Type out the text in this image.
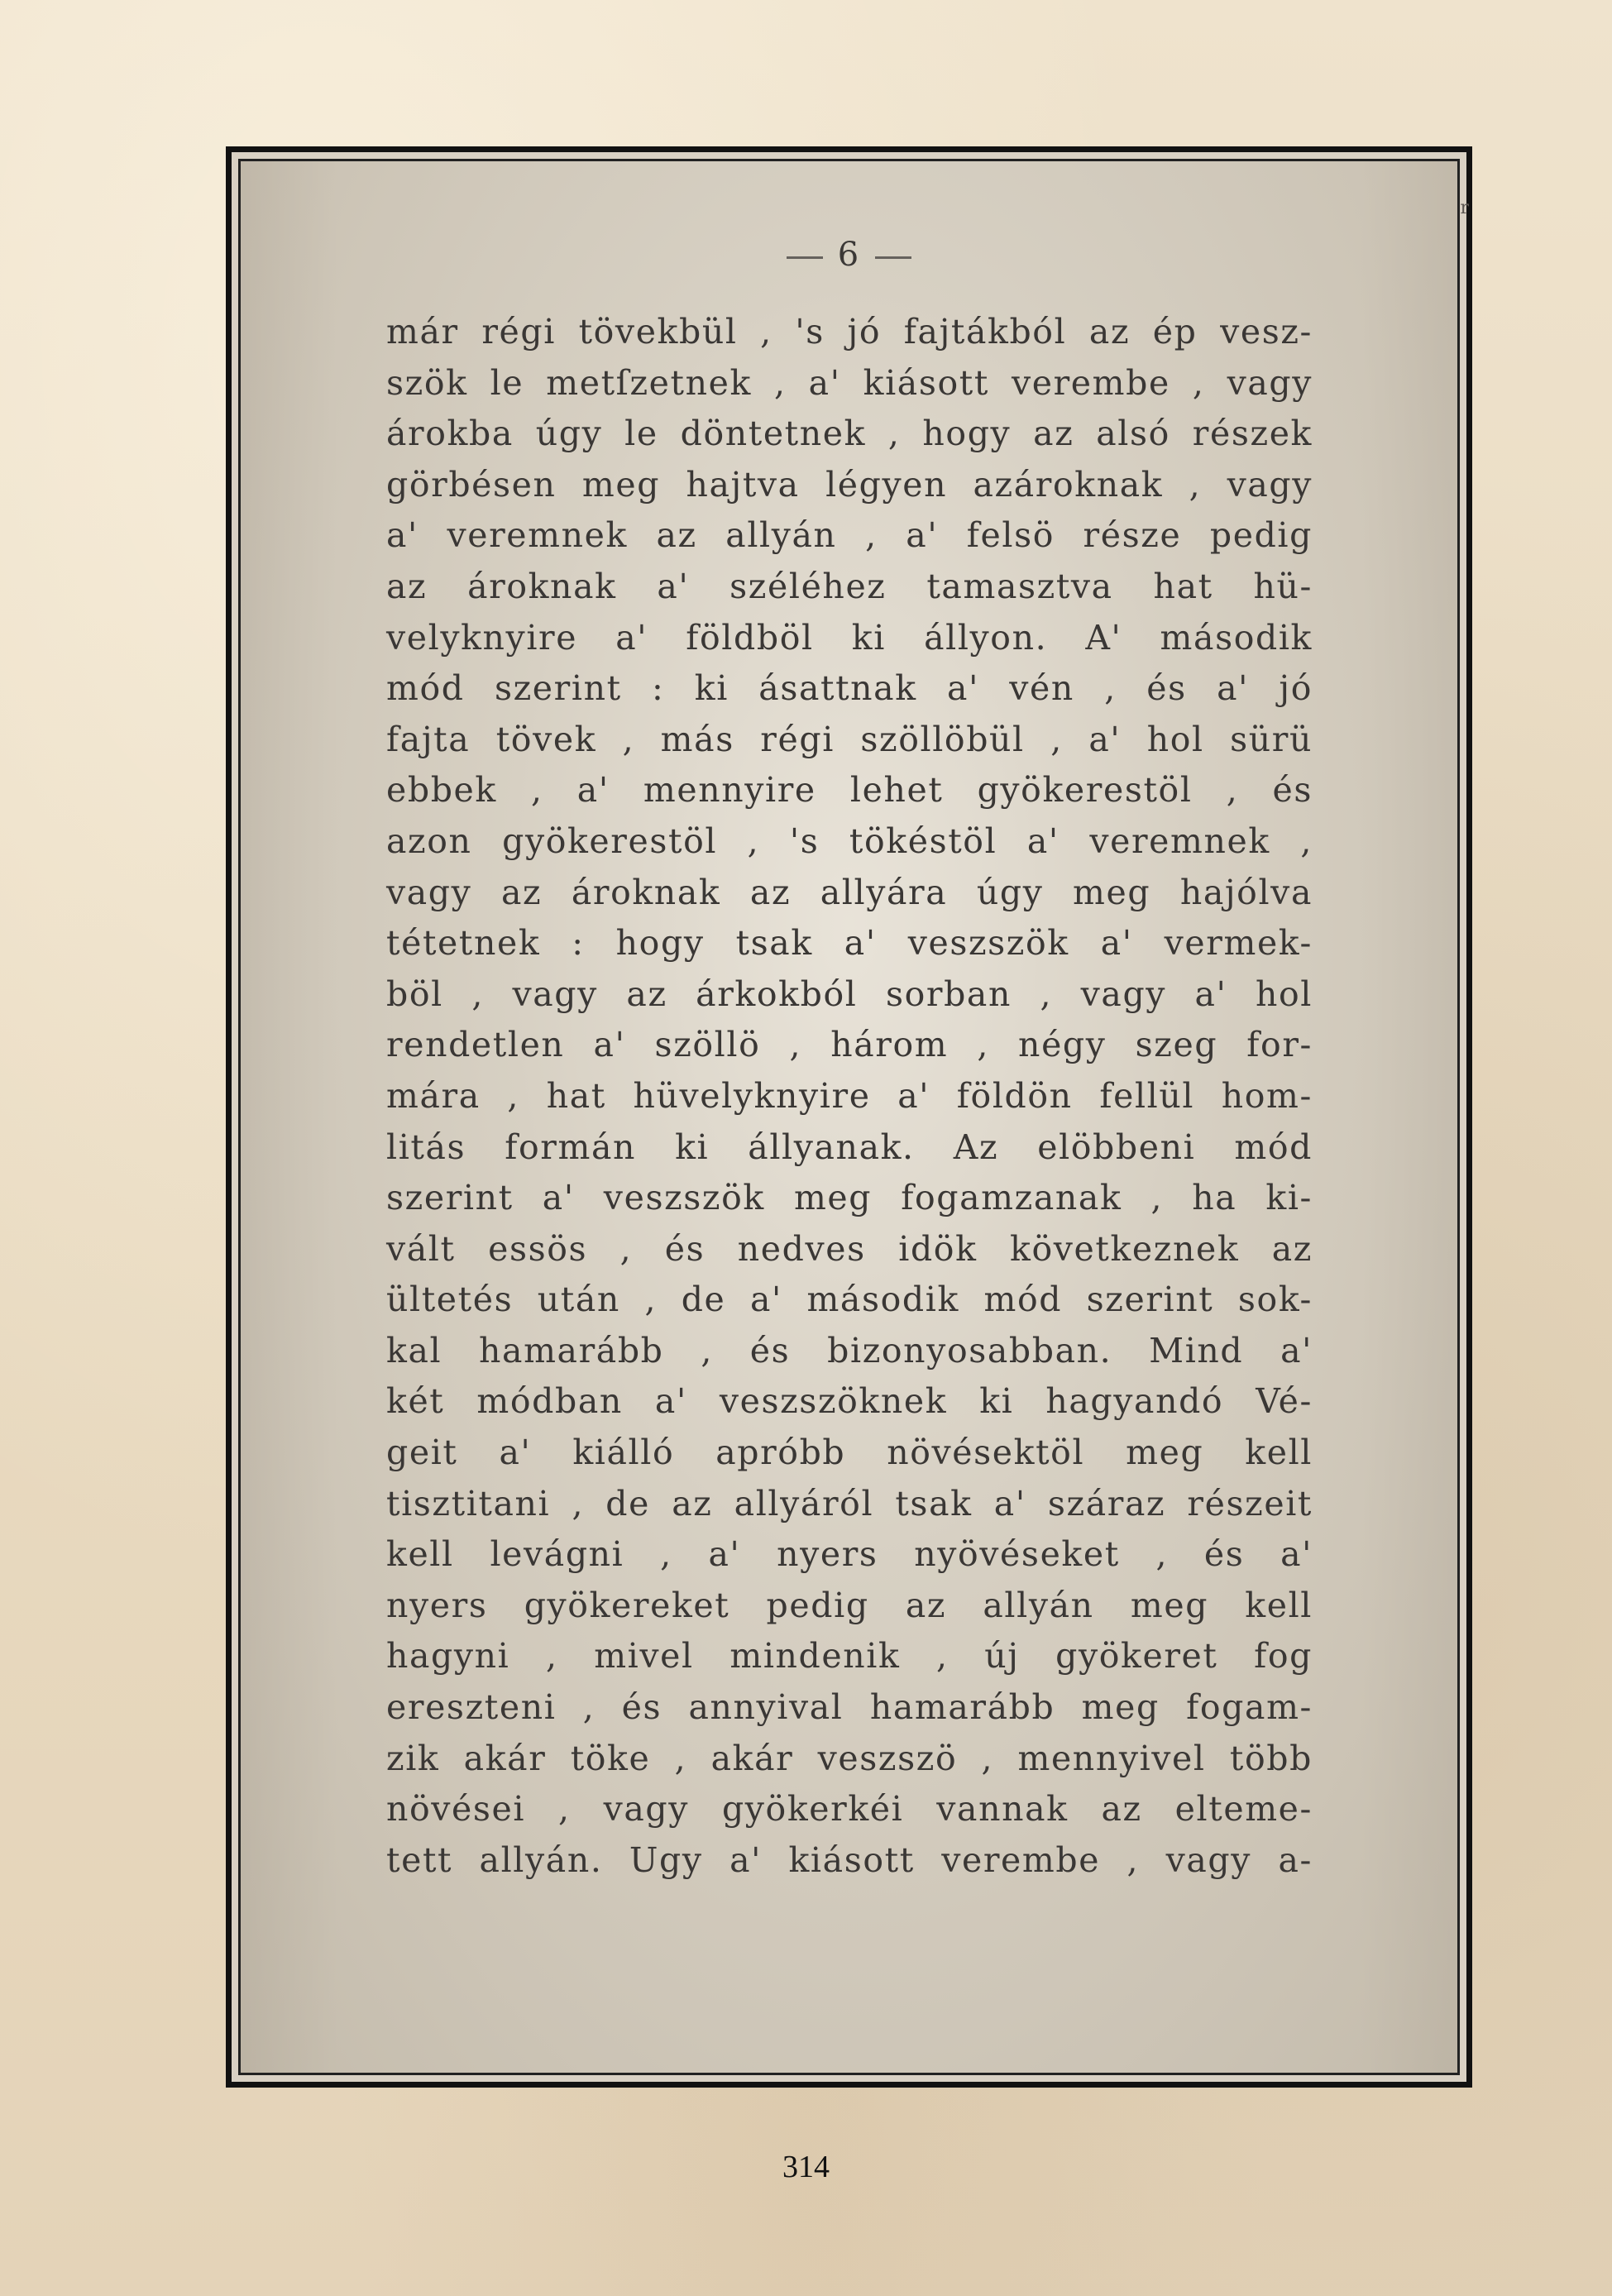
6
r
már régi tövekbül , 's jó fajtákból az ép vesz-
szök le metſzetnek , a' kiásott verembe , vagy
árokba úgy le döntetnek , hogy az alsó részek
görbésen meg hajtva légyen azároknak , vagy
a' veremnek az allyán , a' felsö része pedig
az ároknak a' széléhez tamasztva hat hü-
velyknyire a' földböl ki állyon. A' második
mód szerint : ki ásattnak a' vén , és a' jó
fajta tövek , más régi szöllöbül , a' hol sürü
ebbek , a' mennyire lehet gyökerestöl , és
azon gyökerestöl , 's tökéstöl a' veremnek ,
vagy az ároknak az allyára úgy meg hajólva
tétetnek : hogy tsak a' veszszök a' vermek-
böl , vagy az árkokból sorban , vagy a' hol
rendetlen a' szöllö , három , négy szeg for-
mára , hat hüvelyknyire a' földön fellül hom-
litás formán ki állyanak. Az elöbbeni mód
szerint a' veszszök meg fogamzanak , ha ki-
vált essös , és nedves idök következnek az
ültetés után , de a' második mód szerint sok-
kal hamarább , és bizonyosabban. Mind a'
két módban a' veszszöknek ki hagyandó Vé-
geit a' kiálló apróbb növésektöl meg kell
tisztitani , de az allyáról tsak a' száraz részeit
kell levágni , a' nyers nyövéseket , és a'
nyers gyökereket pedig az allyán meg kell
hagyni , mivel mindenik , új gyökeret fog
ereszteni , és annyival hamarább meg fogam-
zik akár töke , akár veszszö , mennyivel több
növései , vagy gyökerkéi vannak az elteme-
tett allyán. Ugy a' kiásott verembe , vagy a-
314
